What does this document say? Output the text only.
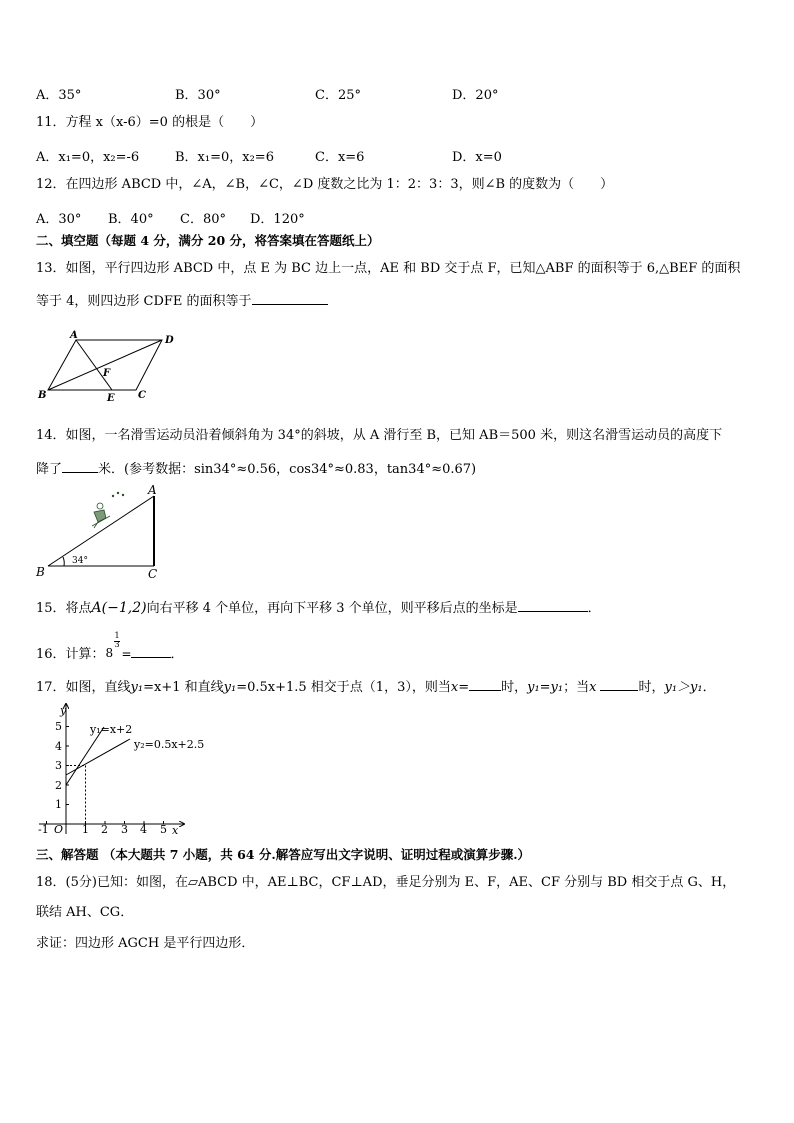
A．35°	B．30°	C．25°	D．20°
11．方程 x（x-6）=0 的根是（　　）
A．x₁=0，x₂=-6	B．x₁=0，x₂=6	C．x=6	D．x=0
12．在四边形 ABCD 中，∠A，∠B，∠C，∠D 度数之比为 1：2：3：3，则∠B 的度数为（　　）
A．30° B．40° C．80° D．120°
二、填空题（每题 4 分，满分 20 分，将答案填在答题纸上）
13．如图，平行四边形 ABCD 中，点 E 为 BC 边上一点，AE 和 BD 交于点 F，已知△ABF 的面积等于 6,△BEF 的面积
等于 4，则四边形 CDFE 的面积等于
A	D
B	E C
F
14．如图，一名滑雪运动员沿着倾斜角为 34°的斜坡，从 A 滑行至 B，已知 AB＝500 米，则这名滑雪运动员的高度下
降了	米．(参考数据：sin34°≈0.56，cos34°≈0.83，tan34°≈0.67)
A
B	C
34°
15．将点A(−1,2)向右平移 4 个单位，再向下平移 3 个单位，则平移后点的坐标是	．
16．计算： 8
1
3
=	．
17．如图，直线y₁=x+1 和直线y₁=0.5x+1.5 相交于点（1，3），则当x= 时，y₁=y₁；当x	时，y₁＞y₁．
y
x
O
-1	1 2 3 4 5
1
2
3
4
5	y₁=x+2
y₂=0.5x+2.5
三、解答题 （本大题共 7 小题，共 64 分.解答应写出文字说明、证明过程或演算步骤.）
18．(5分)已知：如图，在▱ABCD 中，AE⊥BC，CF⊥AD，垂足分别为 E、F，AE、CF 分别与 BD 相交于点 G、H，
联结 AH、CG．
求证：四边形 AGCH 是平行四边形．
